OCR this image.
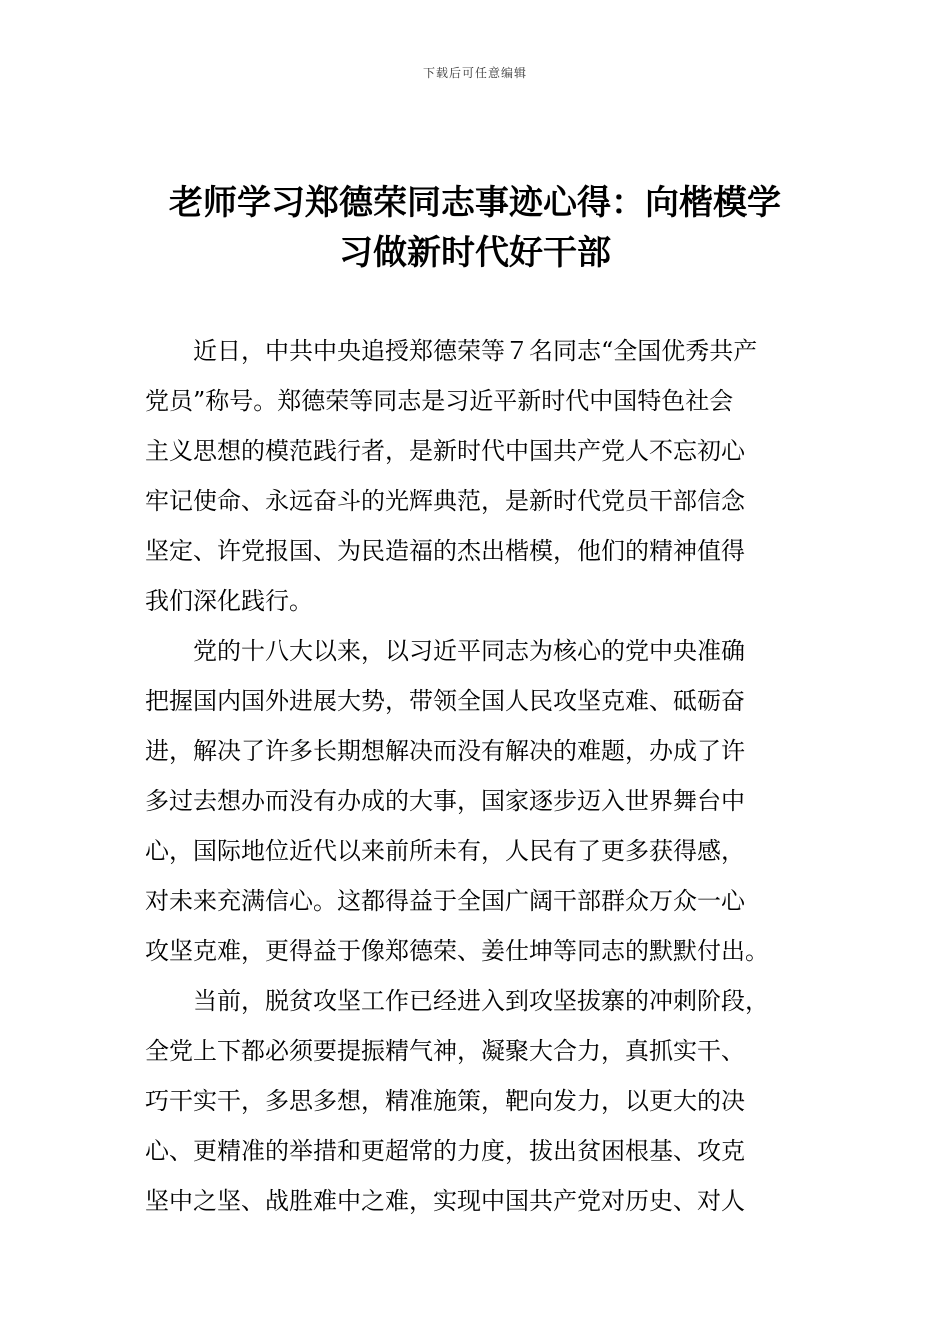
下载后可任意编辑
老师学习郑德荣同志事迹心得：向楷模学
习做新时代好干部

近日，中共中央追授郑德荣等７名同志“全国优秀共产
党员”称号。郑德荣等同志是习近平新时代中国特色社会
主义思想的模范践行者，是新时代中国共产党人不忘初心
牢记使命、永远奋斗的光辉典范，是新时代党员干部信念
坚定、许党报国、为民造福的杰出楷模，他们的精神值得
我们深化践行。

党的十八大以来，以习近平同志为核心的党中央准确
把握国内国外进展大势，带领全国人民攻坚克难、砥砺奋
进，解决了许多长期想解决而没有解决的难题，办成了许
多过去想办而没有办成的大事，国家逐步迈入世界舞台中
心，国际地位近代以来前所未有，人民有了更多获得感，
对未来充满信心。这都得益于全国广阔干部群众万众一心
攻坚克难，更得益于像郑德荣、姜仕坤等同志的默默付出。

当前，脱贫攻坚工作已经进入到攻坚拔寨的冲刺阶段，
全党上下都必须要提振精气神，凝聚大合力，真抓实干、
巧干实干，多思多想，精准施策，靶向发力，以更大的决
心、更精准的举措和更超常的力度，拔出贫困根基、攻克
坚中之坚、战胜难中之难，实现中国共产党对历史、对人
